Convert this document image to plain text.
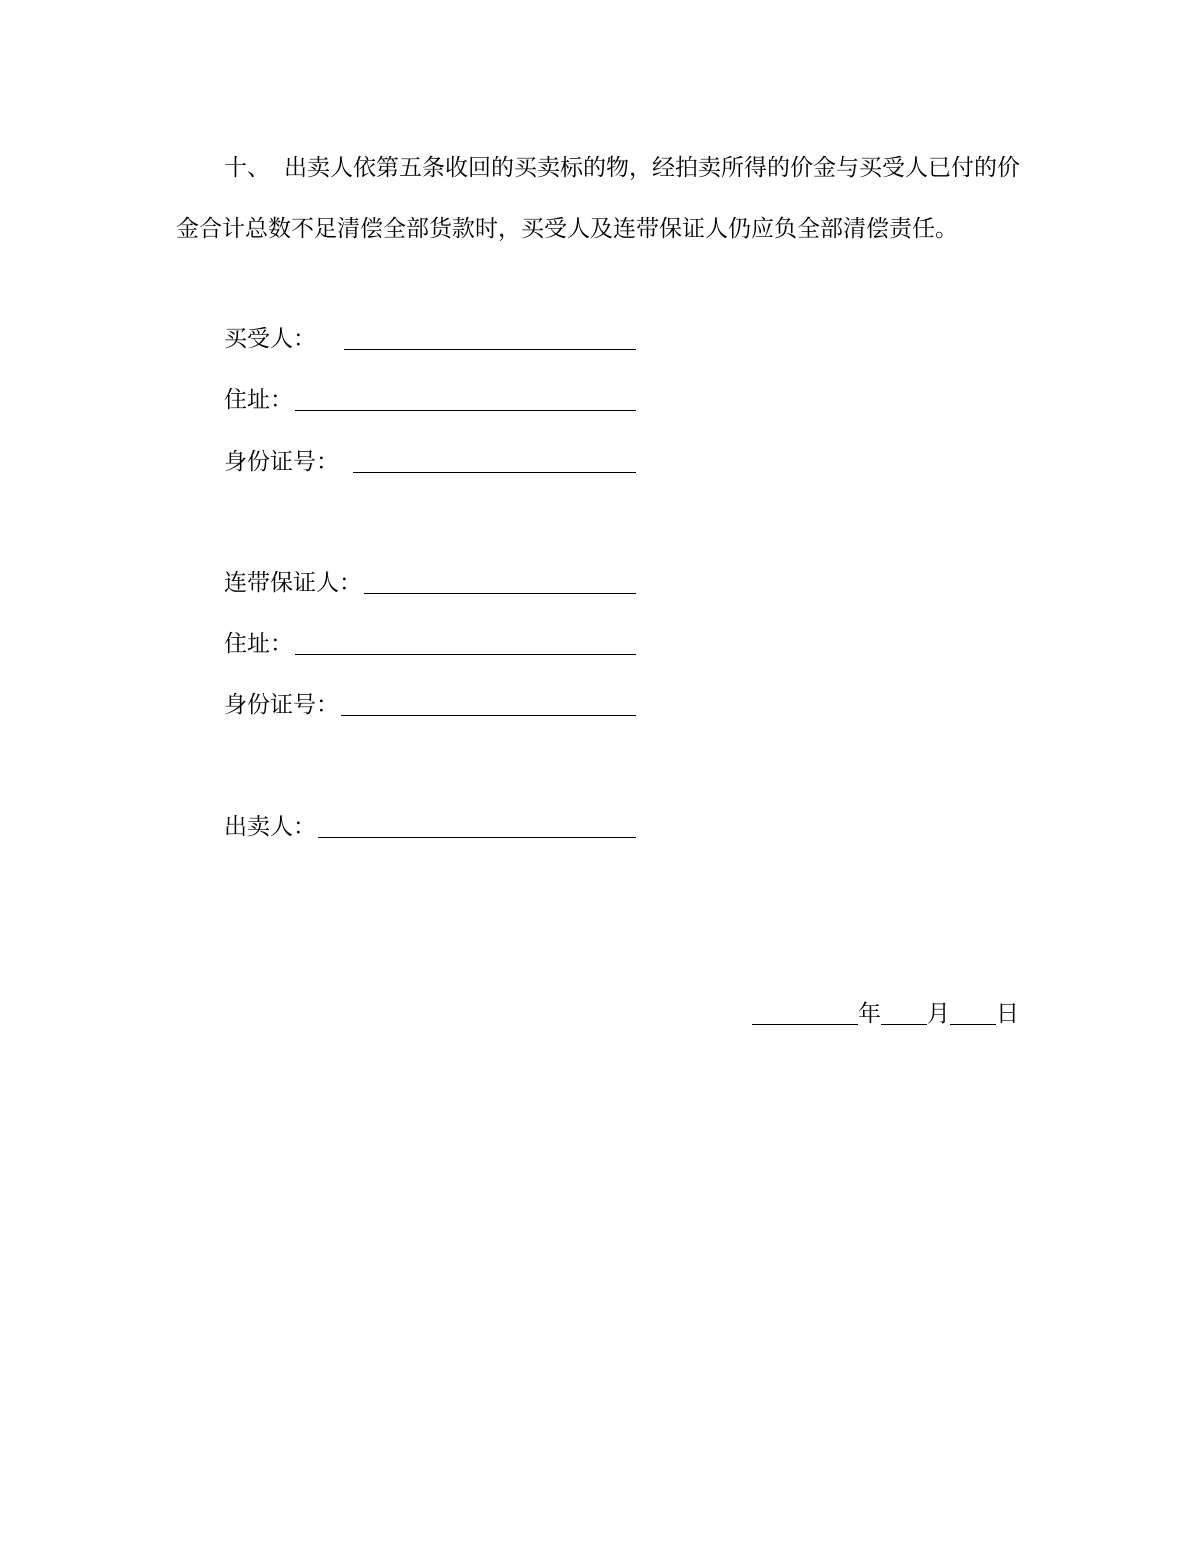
十、 出卖人依第五条收回的买卖标的物，经拍卖所得的价金与买受人已付的价
金合计总数不足清偿全部货款时，买受人及连带保证人仍应负全部清偿责任。

买受人：
住址：
身份证号：
连带保证人：
住址：
身份证号：
出卖人：
年 月 日
